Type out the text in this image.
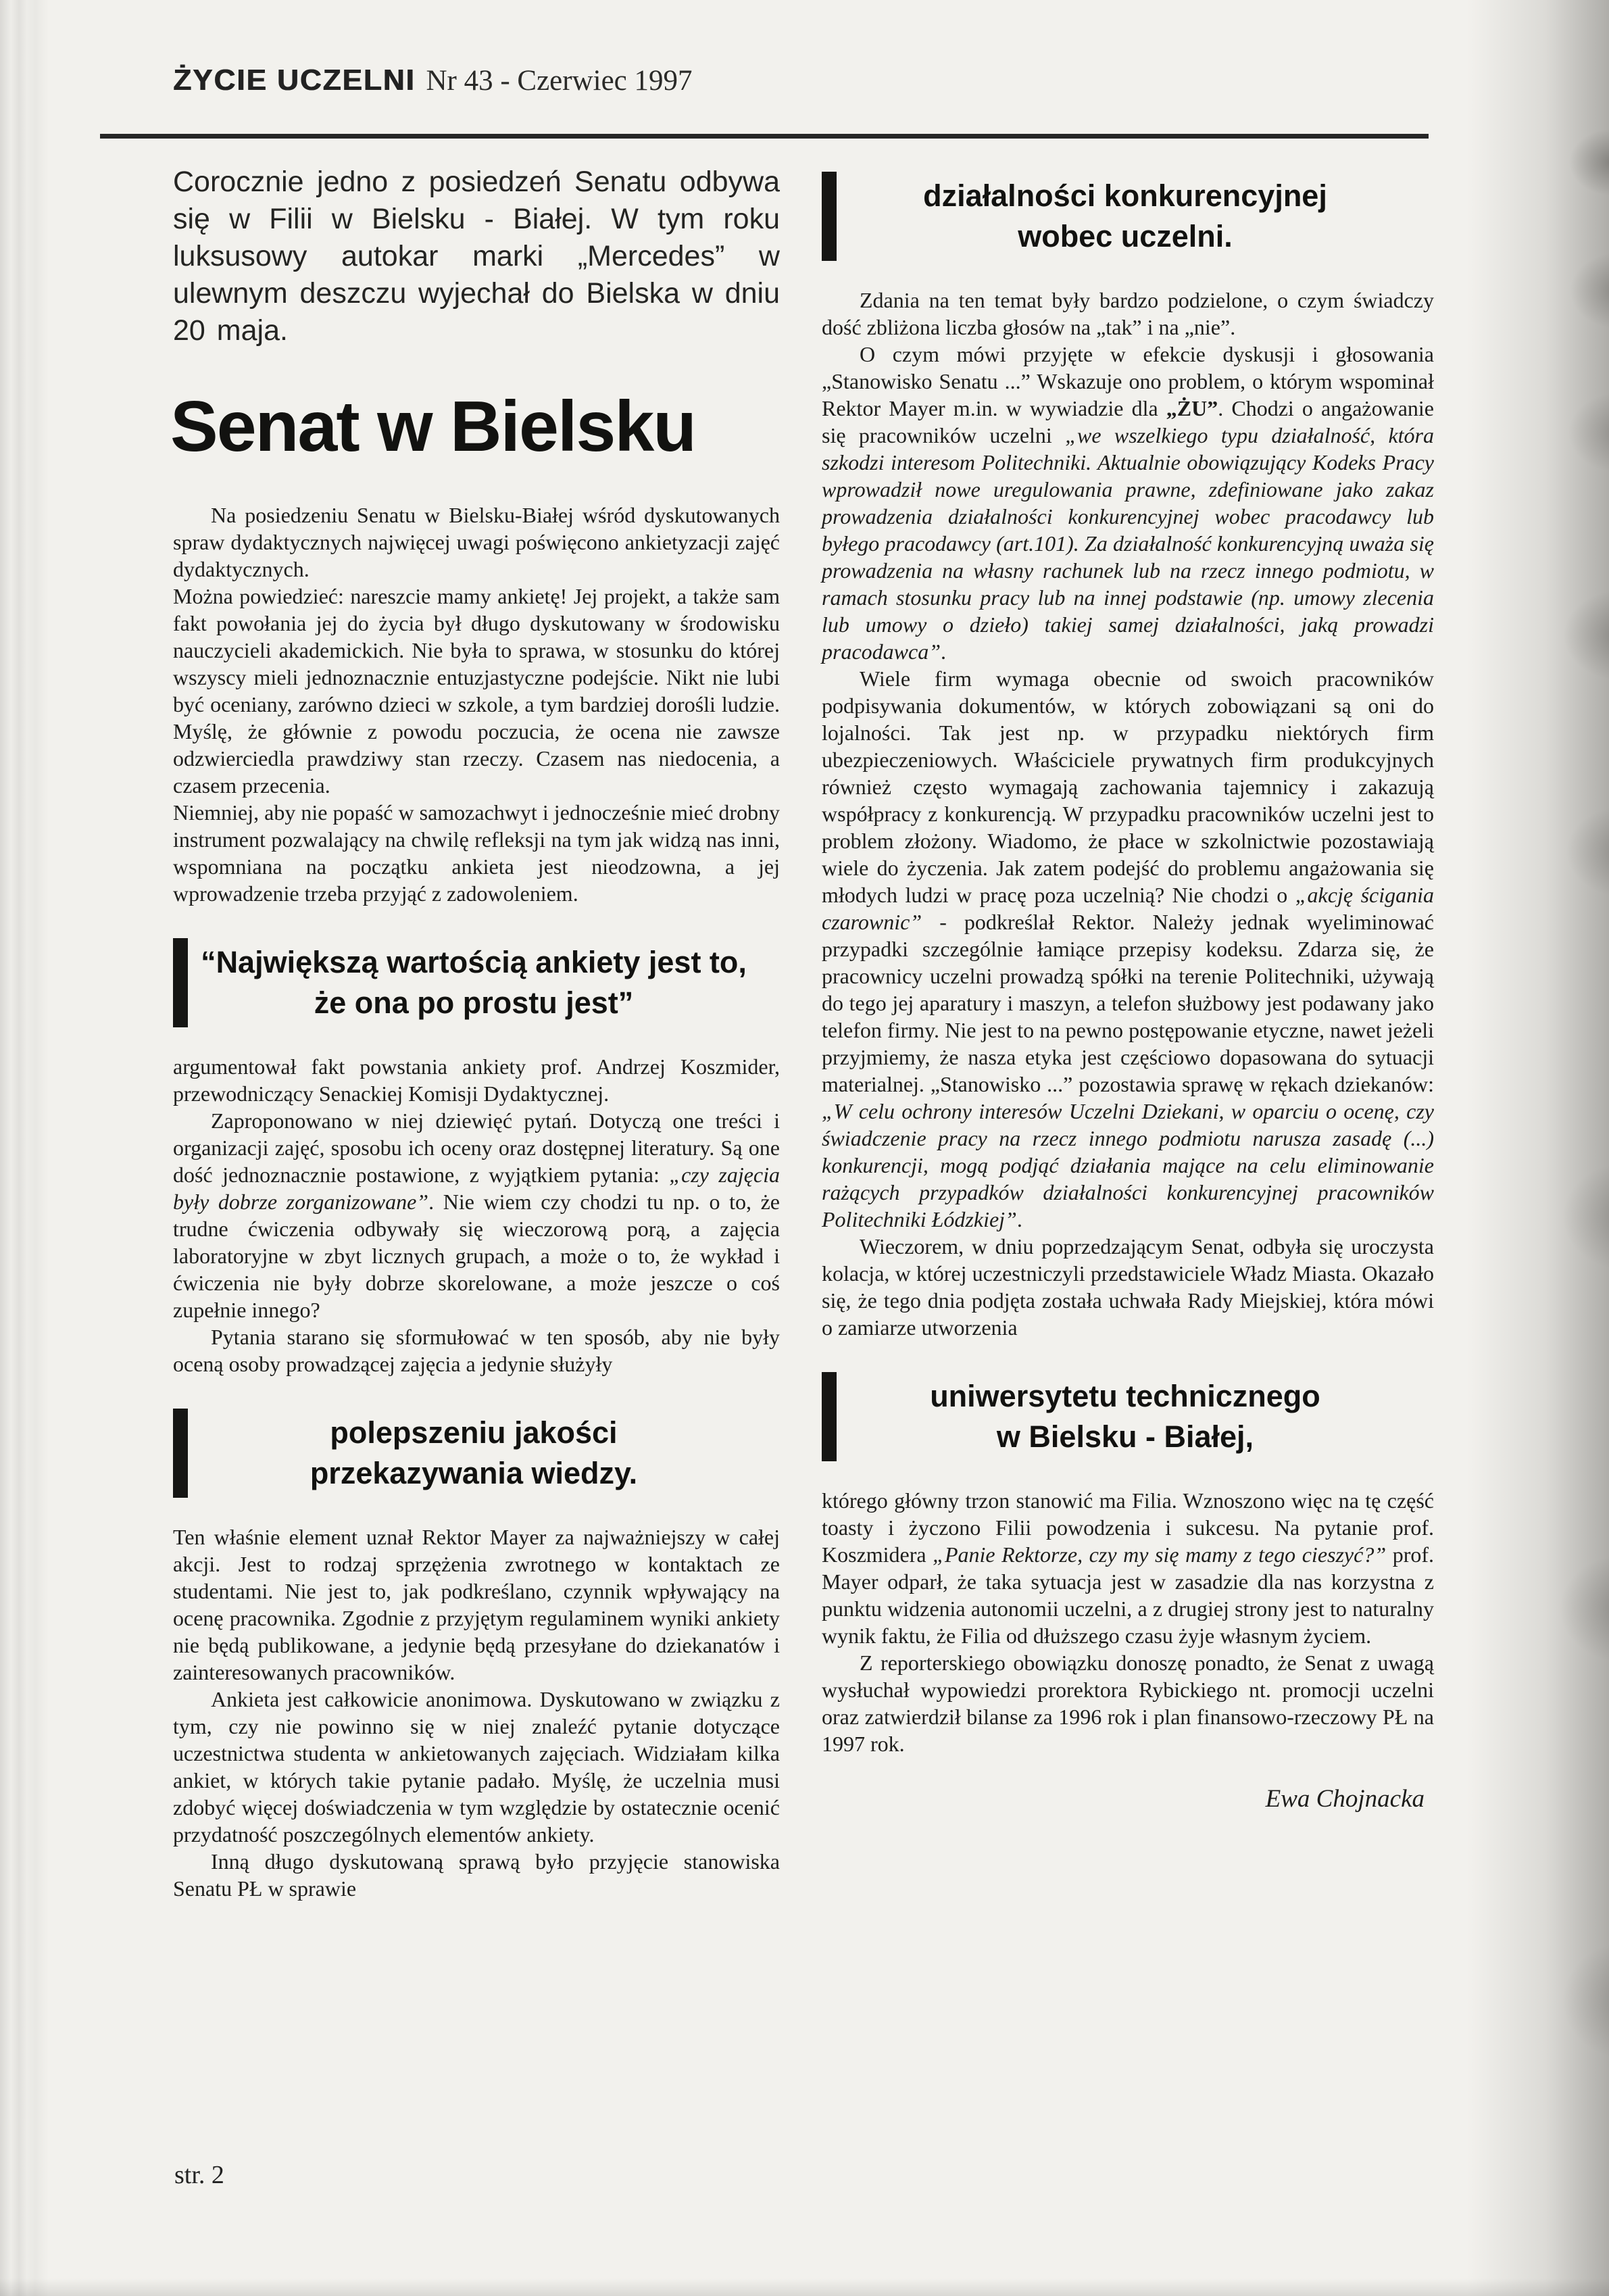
ŻYCIE UCZELNI Nr 43 - Czerwiec 1997
Corocznie jedno z posiedzeń Senatu odbywa się w Filii w Bielsku - Białej. W tym roku luksusowy autokar marki „Mercedes” w ulewnym deszczu wyjechał do Bielska w dniu 20 maja.
Senat w Bielsku
Na posiedzeniu Senatu w Bielsku-Białej wśród dyskutowanych spraw dydaktycznych najwięcej uwagi poświęcono ankietyzacji zajęć dydaktycznych.
Można powiedzieć: nareszcie mamy ankietę! Jej projekt, a także sam fakt powołania jej do życia był długo dyskutowany w środowisku nauczycieli akademickich. Nie była to sprawa, w stosunku do której wszyscy mieli jednoznacznie entuzjastyczne podejście. Nikt nie lubi być oceniany, zarówno dzieci w szkole, a tym bardziej dorośli ludzie. Myślę, że głównie z powodu poczucia, że ocena nie zawsze odzwierciedla prawdziwy stan rzeczy. Czasem nas niedocenia, a czasem przecenia.
Niemniej, aby nie popaść w samozachwyt i jednocześnie mieć drobny instrument pozwalający na chwilę refleksji na tym jak widzą nas inni, wspomniana na początku ankieta jest nieodzowna, a jej wprowadzenie trzeba przyjąć z zadowoleniem.
“Największą wartością ankiety jest to,
że ona po prostu jest”
argumentował fakt powstania ankiety prof. Andrzej Koszmider, przewodniczący Senackiej Komisji Dydaktycznej.
Zaproponowano w niej dziewięć pytań. Dotyczą one treści i organizacji zajęć, sposobu ich oceny oraz dostępnej literatury. Są one dość jednoznacznie postawione, z wyjątkiem pytania: „czy zajęcia były dobrze zorganizowane”. Nie wiem czy chodzi tu np. o to, że trudne ćwiczenia odbywały się wieczorową porą, a zajęcia laboratoryjne w zbyt licznych grupach, a może o to, że wykład i ćwiczenia nie były dobrze skorelowane, a może jeszcze o coś zupełnie innego?
Pytania starano się sformułować w ten sposób, aby nie były oceną osoby prowadzącej zajęcia a jedynie służyły
polepszeniu jakości
przekazywania wiedzy.
Ten właśnie element uznał Rektor Mayer za najważniejszy w całej akcji. Jest to rodzaj sprzężenia zwrotnego w kontaktach ze studentami. Nie jest to, jak podkreślano, czynnik wpływający na ocenę pracownika. Zgodnie z przyjętym regulaminem wyniki ankiety nie będą publikowane, a jedynie będą przesyłane do dziekanatów i zainteresowanych pracowników.
Ankieta jest całkowicie anonimowa. Dyskutowano w związku z tym, czy nie powinno się w niej znaleźć pytanie dotyczące uczestnictwa studenta w ankietowanych zajęciach. Widziałam kilka ankiet, w których takie pytanie padało. Myślę, że uczelnia musi zdobyć więcej doświadczenia w tym względzie by ostatecznie ocenić przydatność poszczególnych elementów ankiety.
Inną długo dyskutowaną sprawą było przyjęcie stanowiska Senatu PŁ w sprawie
działalności konkurencyjnej
wobec uczelni.
Zdania na ten temat były bardzo podzielone, o czym świadczy dość zbliżona liczba głosów na „tak” i na „nie”.
O czym mówi przyjęte w efekcie dyskusji i głosowania „Stanowisko Senatu ...” Wskazuje ono problem, o którym wspominał Rektor Mayer m.in. w wywiadzie dla „ŻU”. Chodzi o angażowanie się pracowników uczelni „we wszelkiego typu działalność, która szkodzi interesom Politechniki. Aktualnie obowiązujący Kodeks Pracy wprowadził nowe uregulowania prawne, zdefiniowane jako zakaz prowadzenia działalności konkurencyjnej wobec pracodawcy lub byłego pracodawcy (art.101). Za działalność konkurencyjną uważa się prowadzenia na własny rachunek lub na rzecz innego podmiotu, w ramach stosunku pracy lub na innej podstawie (np. umowy zlecenia lub umowy o dzieło) takiej samej działalności, jaką prowadzi pracodawca”.
Wiele firm wymaga obecnie od swoich pracowników podpisywania dokumentów, w których zobowiązani są oni do lojalności. Tak jest np. w przypadku niektórych firm ubezpieczeniowych. Właściciele prywatnych firm produkcyjnych również często wymagają zachowania tajemnicy i zakazują współpracy z konkurencją. W przypadku pracowników uczelni jest to problem złożony. Wiadomo, że płace w szkolnictwie pozostawiają wiele do życzenia. Jak zatem podejść do problemu angażowania się młodych ludzi w pracę poza uczelnią? Nie chodzi o „akcję ścigania czarownic” - podkreślał Rektor. Należy jednak wyeliminować przypadki szczególnie łamiące przepisy kodeksu. Zdarza się, że pracownicy uczelni prowadzą spółki na terenie Politechniki, używają do tego jej aparatury i maszyn, a telefon służbowy jest podawany jako telefon firmy. Nie jest to na pewno postępowanie etyczne, nawet jeżeli przyjmiemy, że nasza etyka jest częściowo dopasowana do sytuacji materialnej. „Stanowisko ...” pozostawia sprawę w rękach dziekanów: „W celu ochrony interesów Uczelni Dziekani, w oparciu o ocenę, czy świadczenie pracy na rzecz innego podmiotu narusza zasadę (...) konkurencji, mogą podjąć działania mające na celu eliminowanie rażących przypadków działalności konkurencyjnej pracowników Politechniki Łódzkiej”.
Wieczorem, w dniu poprzedzającym Senat, odbyła się uroczysta kolacja, w której uczestniczyli przedstawiciele Władz Miasta. Okazało się, że tego dnia podjęta została uchwała Rady Miejskiej, która mówi o zamiarze utworzenia
uniwersytetu technicznego
w Bielsku - Białej,
którego główny trzon stanowić ma Filia. Wznoszono więc na tę część toasty i życzono Filii powodzenia i sukcesu. Na pytanie prof. Koszmidera „Panie Rektorze, czy my się mamy z tego cieszyć?” prof. Mayer odparł, że taka sytuacja jest w zasadzie dla nas korzystna z punktu widzenia autonomii uczelni, a z drugiej strony jest to naturalny wynik faktu, że Filia od dłuższego czasu żyje własnym życiem.
Z reporterskiego obowiązku donoszę ponadto, że Senat z uwagą wysłuchał wypowiedzi prorektora Rybickiego nt. promocji uczelni oraz zatwierdził bilanse za 1996 rok i plan finansowo-rzeczowy PŁ na 1997 rok.
Ewa Chojnacka
str. 2
